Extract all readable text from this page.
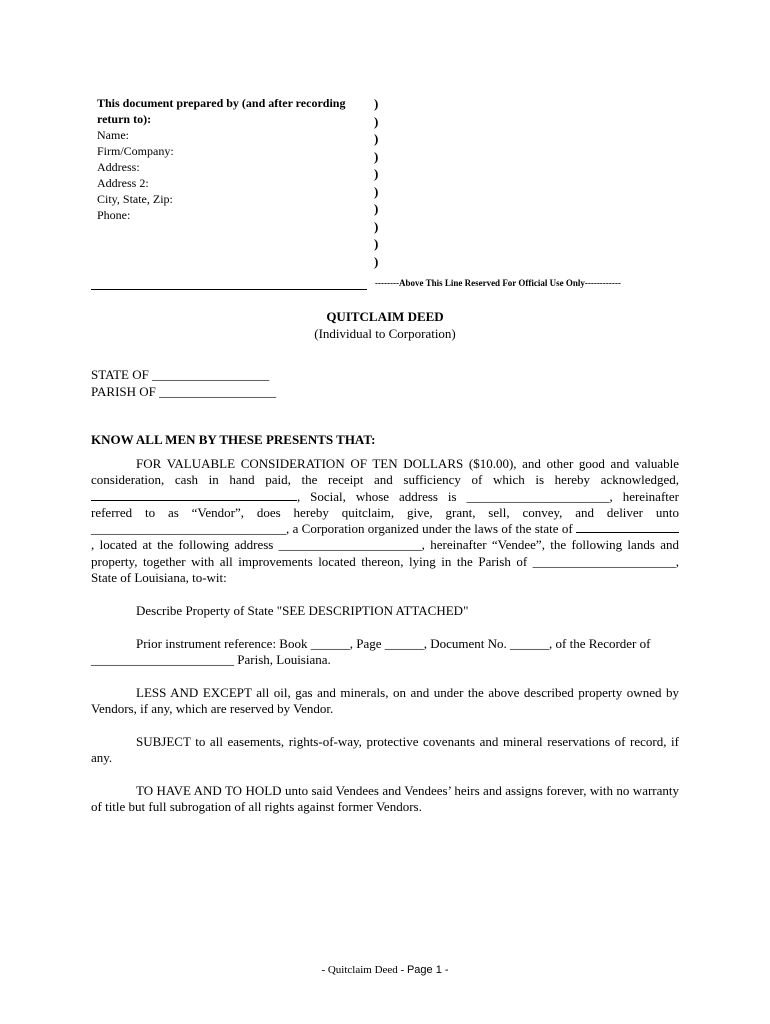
This document prepared by (and after recording
return to):
Name:
Firm/Company:
Address:
Address 2:
City, State, Zip:
Phone:
)
)
)
)
)
)
)
)
)
)
--------Above This Line Reserved For Official Use Only------------
QUITCLAIM DEED
(Individual to Corporation)
STATE OF __________________
PARISH OF __________________
KNOW ALL MEN BY THESE PRESENTS THAT:
FOR VALUABLE CONSIDERATION OF TEN DOLLARS ($10.00), and other good and valuable consideration, cash in hand paid, the receipt and sufficiency of which is hereby acknowledged, , Social, whose address is ______________________, hereinafter referred to as “Vendor”, does hereby quitclaim, give, grant, sell, convey, and deliver unto ______________________________, a Corporation organized under the laws of the state of , located at the following address ______________________, hereinafter “Vendee”, the following lands and property, together with all improvements located thereon, lying in the Parish of ______________________, State of Louisiana, to-wit:
Describe Property of State "SEE DESCRIPTION ATTACHED"
Prior instrument reference: Book ______, Page ______, Document No. ______, of the Recorder of
______________________ Parish, Louisiana.
LESS AND EXCEPT all oil, gas and minerals, on and under the above described property owned by Vendors, if any, which are reserved by Vendor.
SUBJECT to all easements, rights-of-way, protective covenants and mineral reservations of record, if any.
TO HAVE AND TO HOLD unto said Vendees and Vendees’ heirs and assigns forever, with no warranty of title but full subrogation of all rights against former Vendors.
- Quitclaim Deed - Page 1 -
